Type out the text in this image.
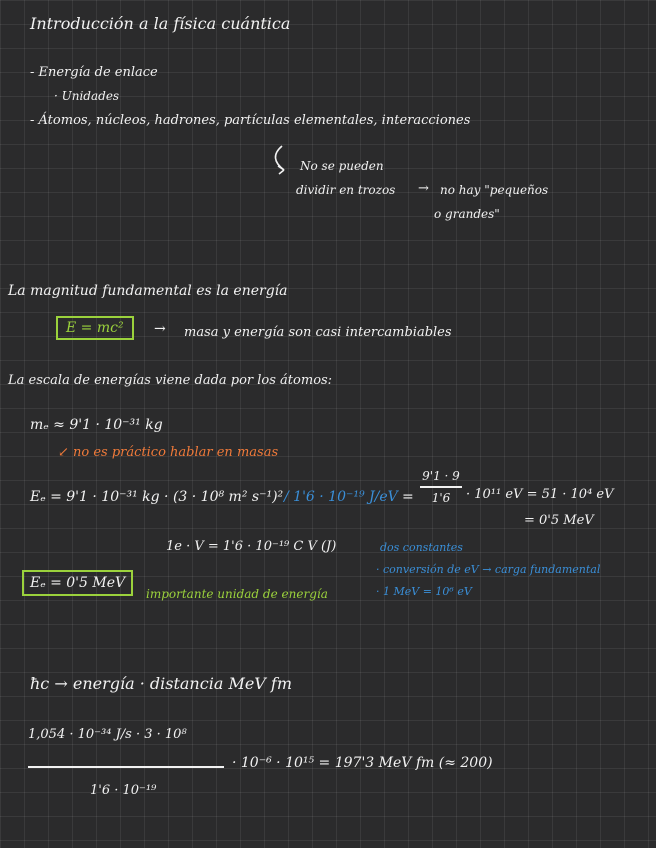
Introducción a la física cuántica
- Energía de enlace
· Unidades
- Átomos, núcleos, hadrones, partículas elementales, interacciones
No se pueden
dividir en trozos → no hay "pequeños
o grandes"
La magnitud fundamental es la energía
E = mc²	→ masa y energía son casi intercambiables
La escala de energías viene dada por los átomos:
mₑ ≈ 9'1 · 10⁻³¹ kg
↙ no es práctico hablar en masas
Eₑ = 9'1 · 10⁻³¹ kg · (3 · 10⁸ m² s⁻¹)² / 1'6 · 10⁻¹⁹ J/eV =
9'1 · 9
1'6	· 10¹¹ eV = 51 · 10⁴ eV
= 0'5 MeV
1e · V = 1'6 · 10⁻¹⁹ C V (J)	dos constantes
· conversión de eV → carga fundamental
· 1 MeV = 10⁶ eV
Eₑ = 0'5 MeV
importante unidad de energía
ħc → energía · distancia MeV fm
1,054 · 10⁻³⁴ J/s · 3 · 10⁸
1'6 · 10⁻¹⁹
· 10⁻⁶ · 10¹⁵ = 197'3 MeV fm (≈ 200)
